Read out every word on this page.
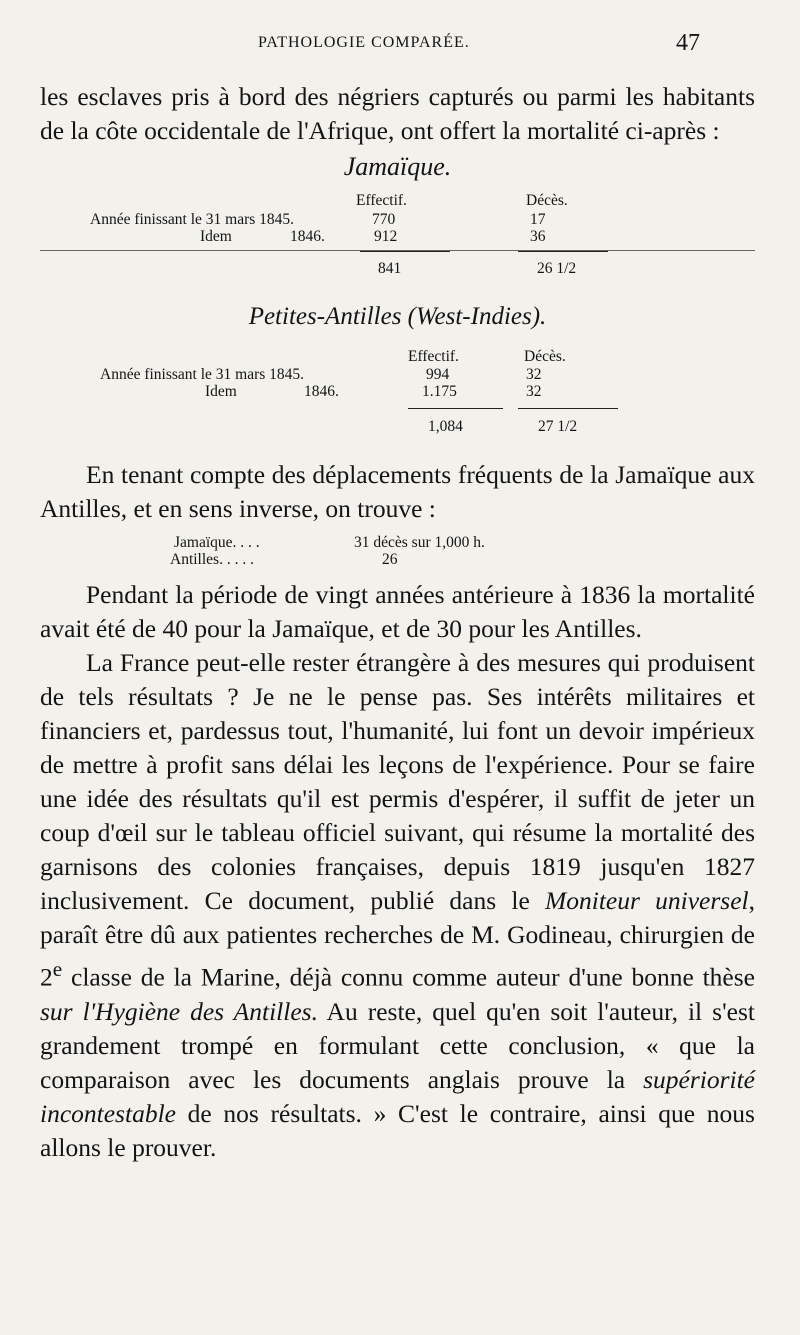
PATHOLOGIE COMPARÉE.	47

les esclaves pris à bord des négriers capturés ou parmi les habitants de la côte occidentale de l'Afrique, ont offert la mortalité ci-après :

Jamaïque.
Effectif.	Décès.
Année finissant le 31 mars 1845.	770	17
Idem	1846.	912	36
841	26 1/2
Petites-Antilles (West-Indies).
Effectif.	Décès.
Année finissant le 31 mars 1845.	994	32
Idem	1846.	1.175	32
1,084	27 1/2

En tenant compte des déplacements fréquents de la Jamaïque aux Antilles, et en sens inverse, on trouve :

Jamaïque. . . .	31 décès sur 1,000 h.
Antilles. . . . .	26

Pendant la période de vingt années antérieure à 1836 la mortalité avait été de 40 pour la Jamaïque, et de 30 pour les Antilles.

La France peut-elle rester étrangère à des mesures qui produisent de tels résultats ? Je ne le pense pas. Ses intérêts militaires et financiers et, pardessus tout, l'humanité, lui font un devoir impérieux de mettre à profit sans délai les leçons de l'expérience. Pour se faire une idée des résultats qu'il est permis d'espérer, il suffit de jeter un coup d'œil sur le tableau officiel suivant, qui résume la mortalité des garnisons des colonies françaises, depuis 1819 jusqu'en 1827 inclusivement. Ce document, publié dans le Moniteur universel, paraît être dû aux patientes recherches de M. Godineau, chirurgien de 2e classe de la Marine, déjà connu comme auteur d'une bonne thèse sur l'Hygiène des Antilles. Au reste, quel qu'en soit l'auteur, il s'est grandement trompé en formulant cette conclusion, « que la comparaison avec les documents anglais prouve la supériorité incontestable de nos résultats. » C'est le contraire, ainsi que nous allons le prouver.
